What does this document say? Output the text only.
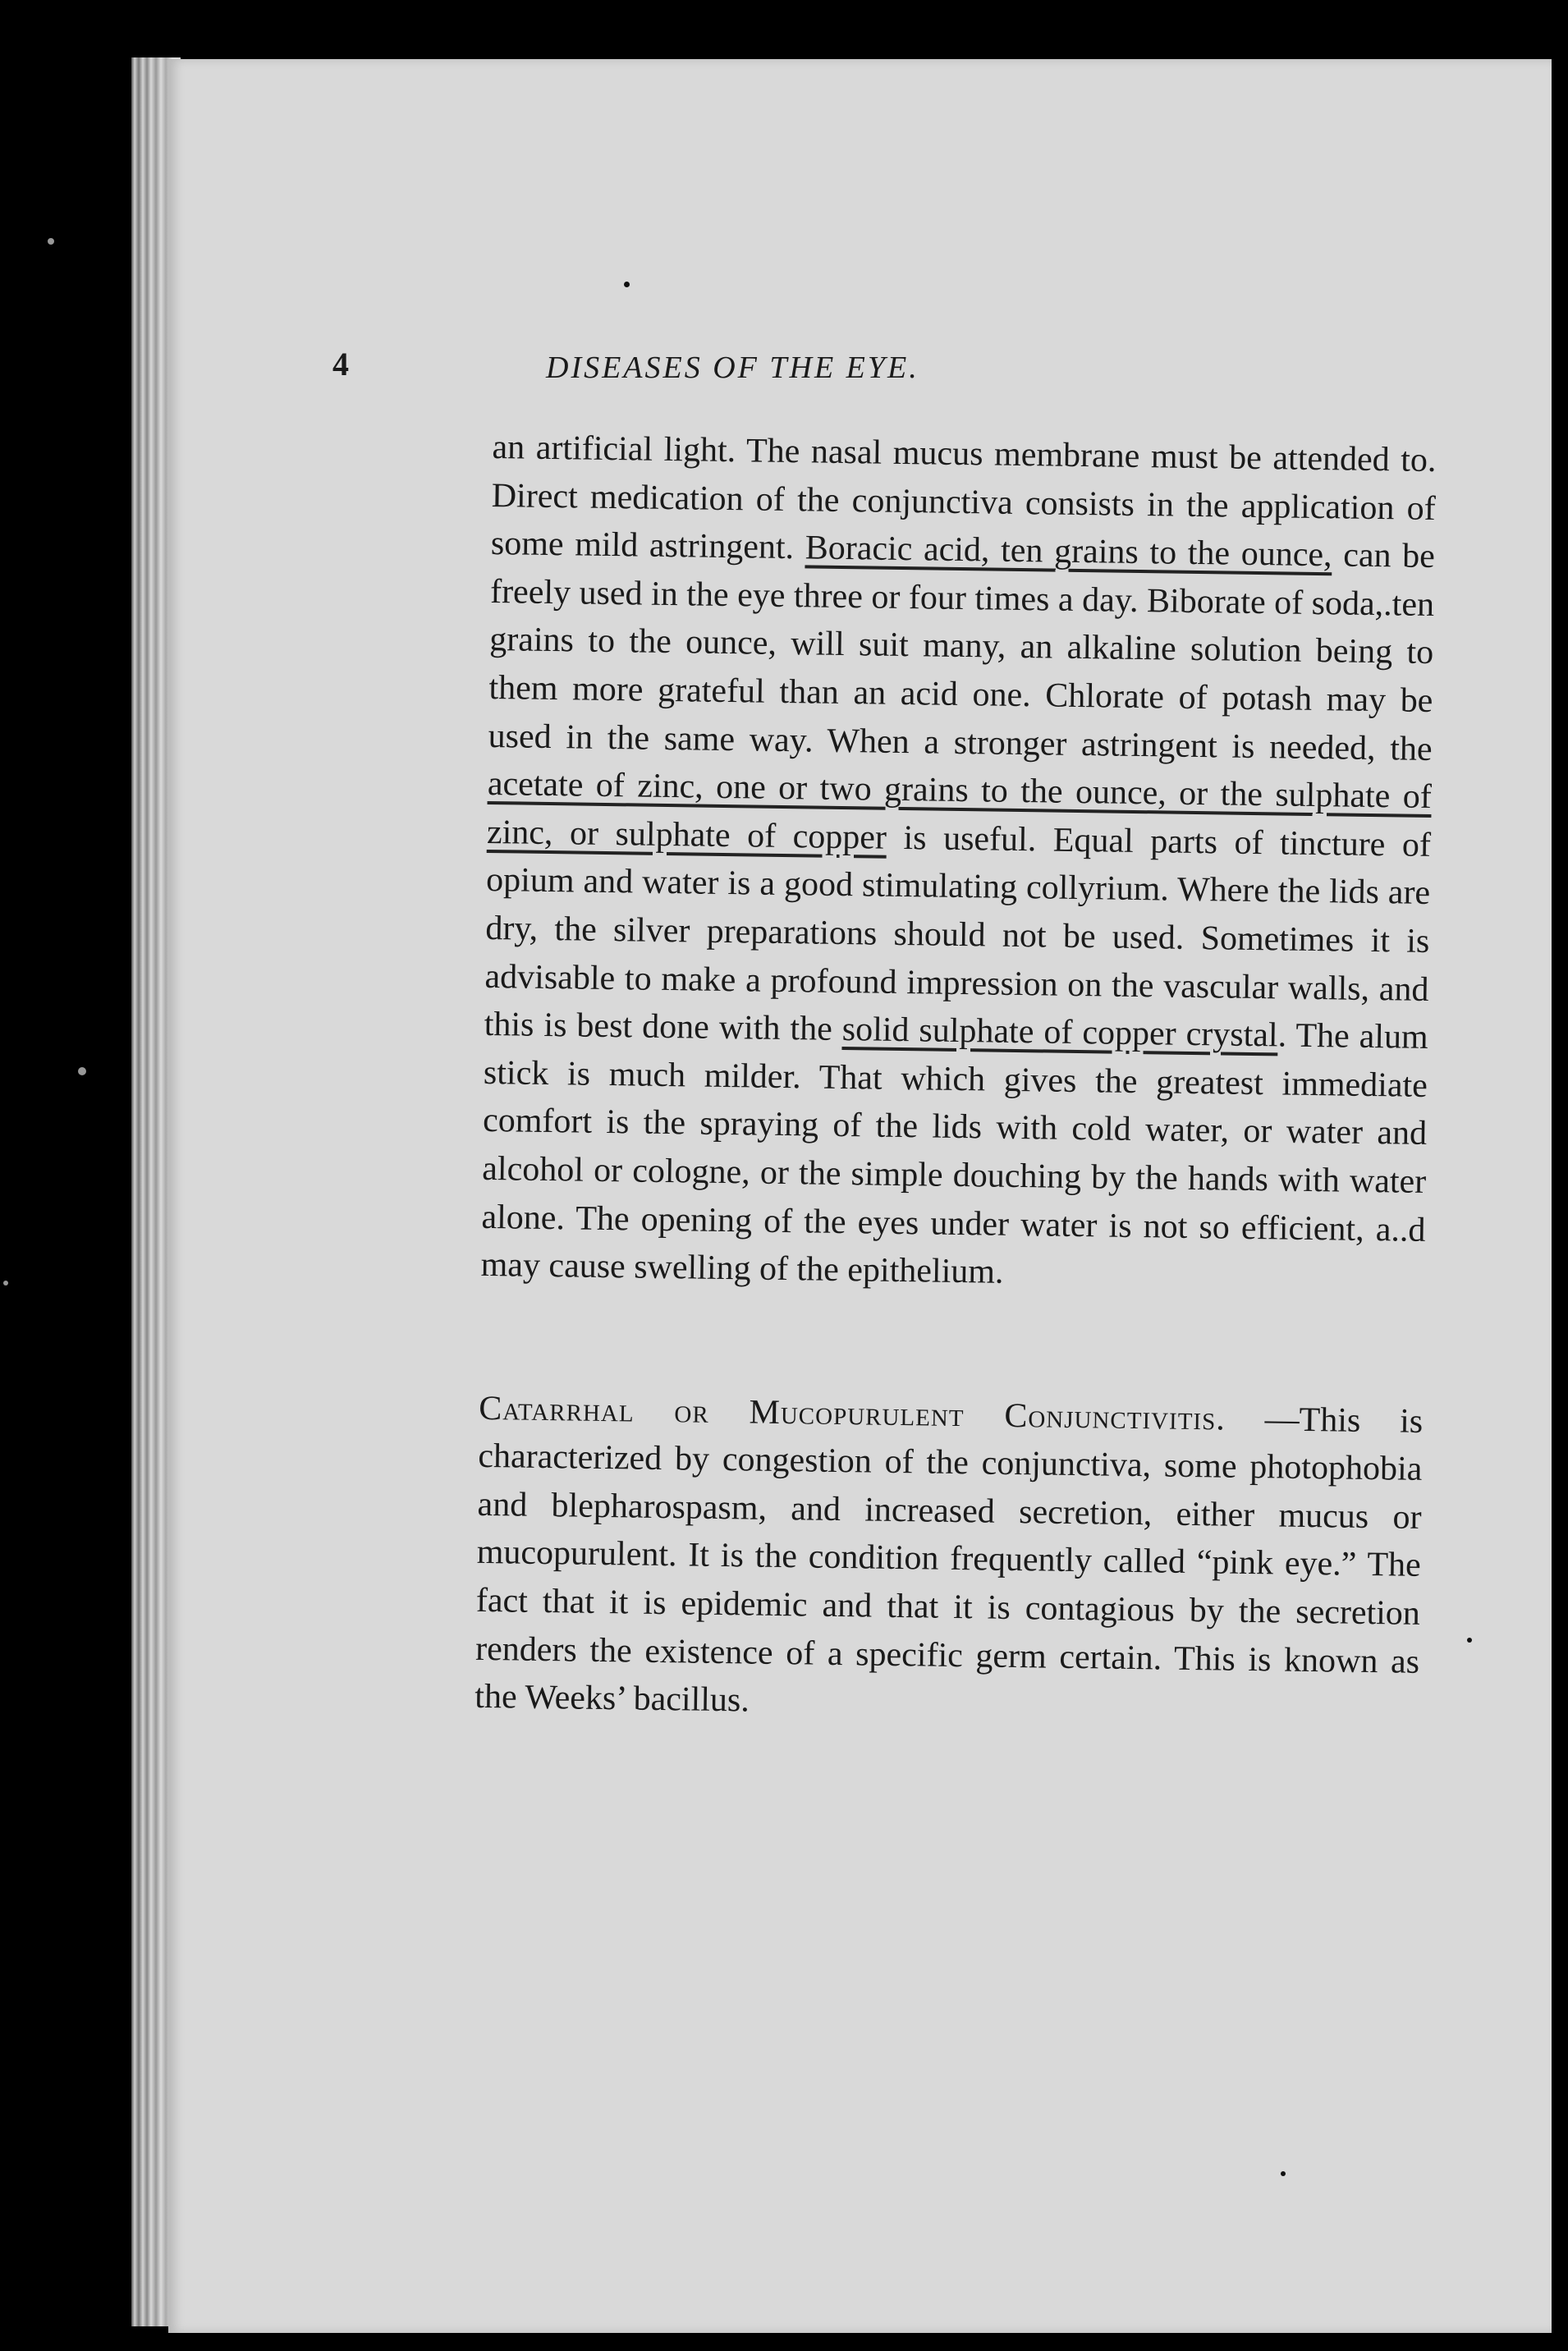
4	DISEASES OF THE EYE.

an artificial light. The nasal mucus membrane must be attended to. Direct medication of the conjunctiva consists in the application of some mild astringent. Boracic acid, ten grains to the ounce, can be freely used in the eye three or four times a day. Biborate of soda,.ten grains to the ounce, will suit many, an alkaline solution being to them more grateful than an acid one. Chlorate of potash may be used in the same way. When a stronger astringent is needed, the acetate of zinc, one or two grains to the ounce, or the sulphate of zinc, or sulphate of copper is useful. Equal parts of tincture of opium and water is a good stimulating collyrium. Where the lids are dry, the silver preparations should not be used. Sometimes it is advisable to make a profound impression on the vascular walls, and this is best done with the solid sulphate of copper crystal. The alum stick is much milder. That which gives the greatest immediate comfort is the spraying of the lids with cold water, or water and alcohol or cologne, or the simple douching by the hands with water alone. The opening of the eyes under water is not so efficient, a..d may cause swelling of the epithelium.

Catarrhal or Mucopurulent Conjunctivitis. —This is characterized by congestion of the conjunctiva, some photophobia and blepharospasm, and increased secretion, either mucus or mucopurulent. It is the condition frequently called “pink eye.” The fact that it is epidemic and that it is contagious by the secretion renders the existence of a specific germ certain. This is known as the Weeks’ bacillus.
